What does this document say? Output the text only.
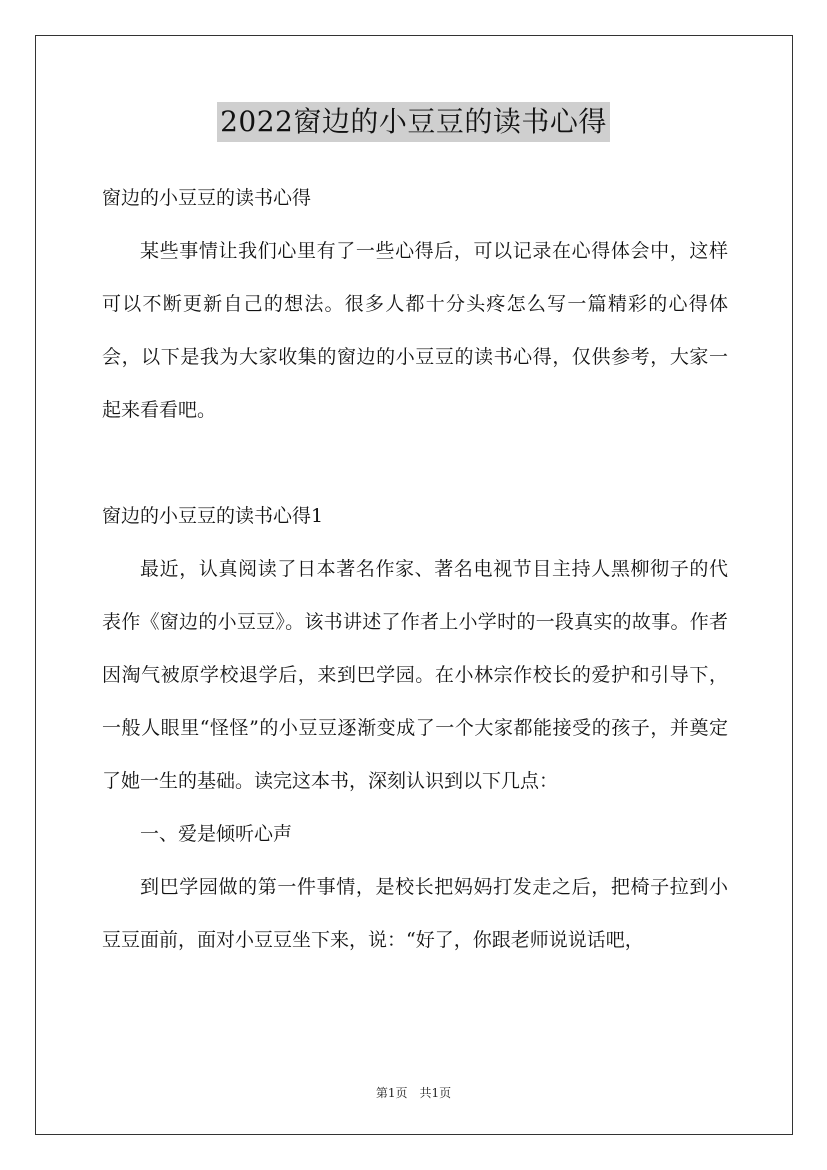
2022窗边的小豆豆的读书心得

窗边的小豆豆的读书心得

某些事情让我们心里有了一些心得后，可以记录在心得体会中，这样可以不断更新自己的想法。很多人都十分头疼怎么写一篇精彩的心得体会，以下是我为大家收集的窗边的小豆豆的读书心得，仅供参考，大家一起来看看吧。

窗边的小豆豆的读书心得1

最近，认真阅读了日本著名作家、著名电视节目主持人黑柳彻子的代表作《窗边的小豆豆》。该书讲述了作者上小学时的一段真实的故事。作者因淘气被原学校退学后，来到巴学园。在小林宗作校长的爱护和引导下，一般人眼里“怪怪”的小豆豆逐渐变成了一个大家都能接受的孩子，并奠定了她一生的基础。读完这本书，深刻认识到以下几点：

一、爱是倾听心声

到巴学园做的第一件事情，是校长把妈妈打发走之后，把椅子拉到小豆豆面前，面对小豆豆坐下来，说：“好了，你跟老师说说话吧，

第1页　共1页
